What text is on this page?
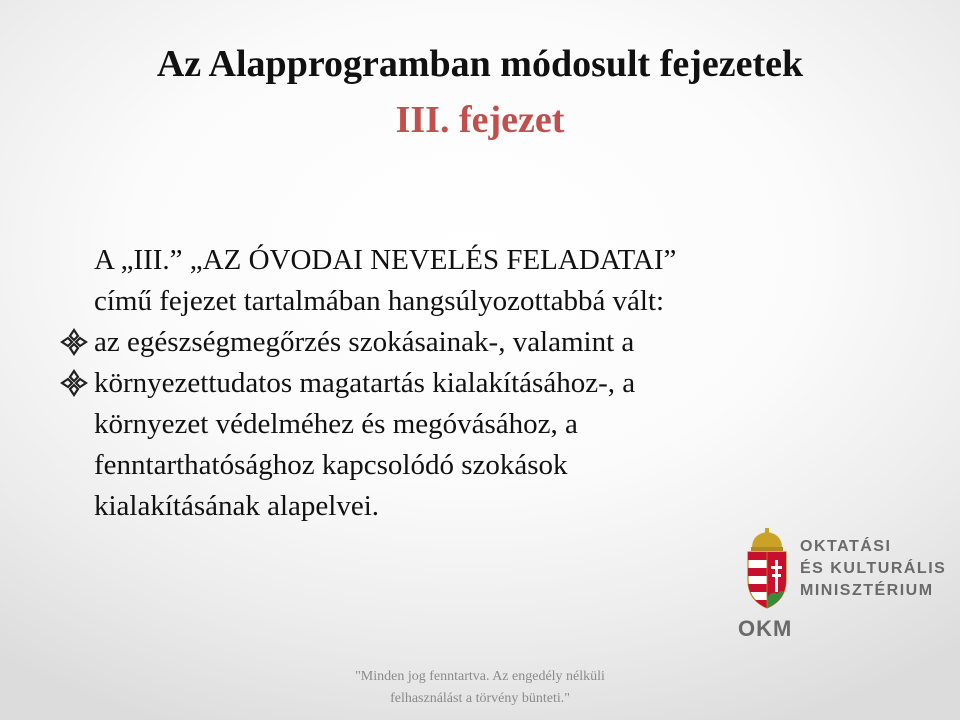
Az Alapprogramban módosult fejezetek
III. fejezet
A „III.” „AZ ÓVODAI NEVELÉS FELADATAI”
című fejezet tartalmában hangsúlyozottabbá vált:
az egészségmegőrzés szokásainak-, valamint a
környezettudatos magatartás kialakításához-, a
környezet védelméhez és megóvásához, a
fenntarthatósághoz kapcsolódó szokások
kialakításának alapelvei.
OKTATÁSI
ÉS KULTURÁLIS
MINISZTÉRIUM
OKM
"Minden jog fenntartva. Az engedély nélküli
felhasználást a törvény bünteti."
